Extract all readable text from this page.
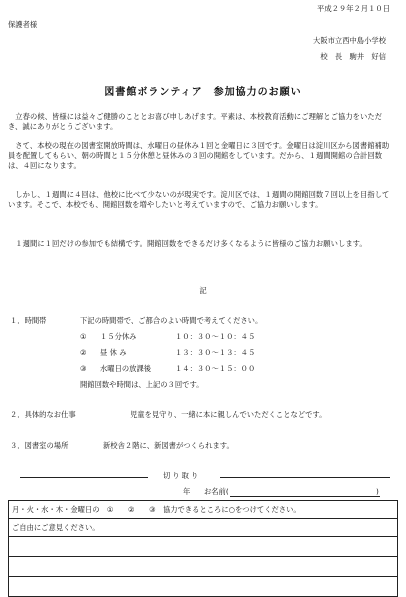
平成２９年２月１０日
保護者様
大阪市立西中島小学校
校　長　駒井　好信
図書館ボランティア　参加協力のお願い
立春の候、皆様には益々ご健勝のこととお喜び申しあげます。平素は、本校教育活動にご理解とご協力をいただき、誠にありがとうございます。
さて、本校の現在の図書室開放時間は、水曜日の昼休み１回と金曜日に３回です。金曜日は淀川区から図書館補助員を配置してもらい、朝の時間と１５分休憩と昼休みの３回の開館をしています。だから、１週間開館の合計回数は、４回になります。
しかし、１週間に４回は、他校に比べて少ないのが現実です。淀川区では、１週間の開館回数７回以上を目指しています。そこで、本校でも、開館回数を増やしたいと考えていますので、ご協力お願いします。
１週間に１回だけの参加でも結構です。開館回数をできるだけ多くなるように皆様のご協力お願いします。
記
１．時間帯	下記の時間帯で、ご都合のよい時間で考えてください。
① １５分休み	１０：３０～１０：４５
② 昼 休 み	１３：３０～１３：４５
③ 水曜日の放課後	１４：３０～１５：００
開館回数や時間は、上記の３回です。
２．具体的なお仕事	児童を見守り、一緒に本に親しんでいただくことなどです。
３．図書室の場所	新校舎２階に、新図書がつくられます。
切り取り
年 お名前(	)
月・火・水・木・金曜日の　①　　②　　③　協力できるところに○をつけてください。
ご自由にご意見ください。
